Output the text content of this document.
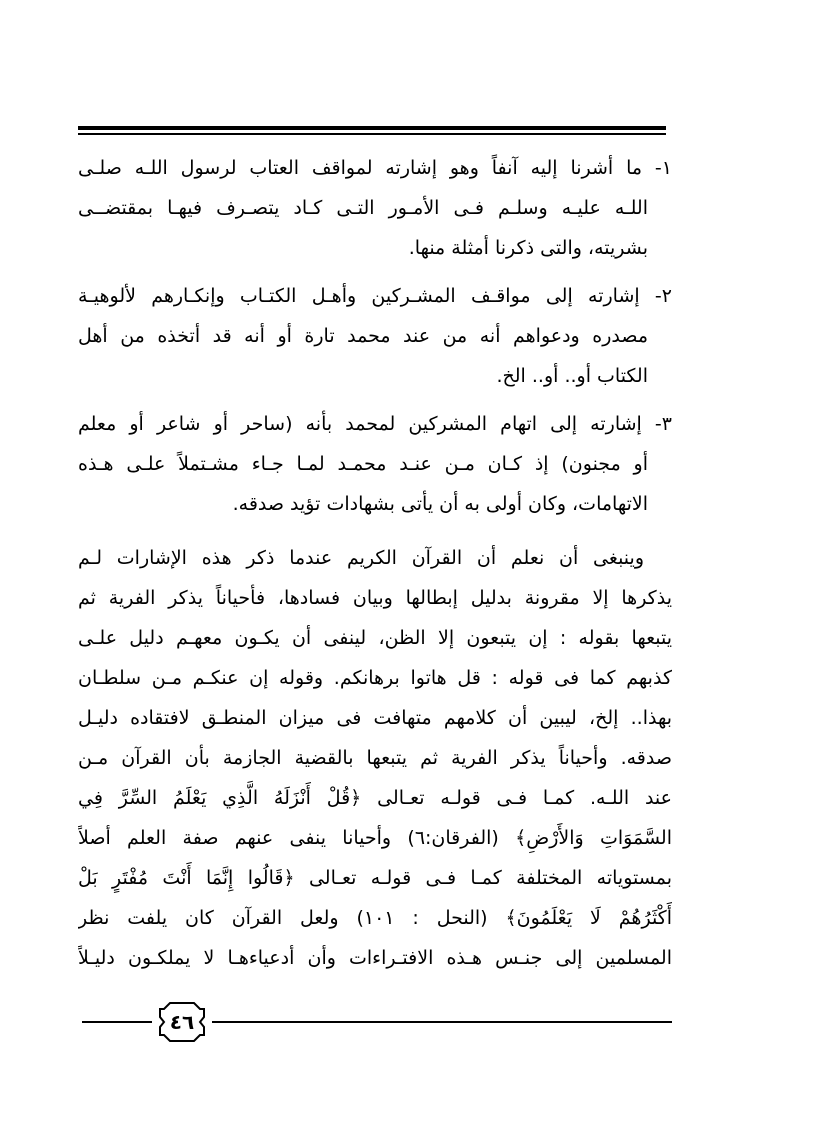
١- ما أشرنا إليه آنفاً وهو إشارته لمواقف العتاب لرسول اللـه صلـى
اللـه عليـه وسلـم فـى الأمـور التـى كـاد يتصـرف فيهـا بمقتضــى
بشريته، والتى ذكرنا أمثلة منها.
٢- إشارته إلى مواقـف المشـركين وأهـل الكتـاب وإنكـارهم لألوهيـة
مصدره ودعواهم أنه من عند محمد تارة أو أنه قد أتخذه من أهل
الكتاب أو.. أو.. الخ.
٣- إشارته إلى اتهام المشركين لمحمد بأنه (ساحر أو شاعر أو معلم
أو مجنون) إذ كـان مـن عنـد محمـد لمـا جـاء مشـتملاً علـى هـذه
الاتهامات، وكان أولى به أن يأتى بشهادات تؤيد صدقه.
وينبغى أن نعلم أن القرآن الكريم عندما ذكر هذه الإشارات لـم
يذكرها إلا مقرونة بدليل إبطالها وبيان فسادها، فأحياناً يذكر الفرية ثم
يتبعها بقوله : إن يتبعون إلا الظن، لينفى أن يكـون معهـم دليل علـى
كذبهم كما فى قوله : قل هاتوا برهانكم. وقوله إن عنكـم مـن سلطـان
بهذا.. إلخ، ليبين أن كلامهم متهافت فى ميزان المنطـق لافتقاده دليـل
صدقه. وأحياناً يذكر الفرية ثم يتبعها بالقضية الجازمة بأن القرآن مـن
عند اللـه. كمـا فـى قولـه تعـالى ﴿قُلْ أَنْزَلَهُ الَّذِي يَعْلَمُ السِّرَّ فِي
السَّمَوَاتِ وَالأَرْضِ﴾ (الفرقان:٦) وأحيانا ينفى عنهم صفة العلم أصلاً
بمستوياته المختلفة كمـا فـى قولـه تعـالى ﴿قَالُوا إِنَّمَا أَنْتَ مُفْتَرٍ بَلْ
أَكْثَرُهُمْ لَا يَعْلَمُونَ﴾ (النحل : ١٠١) ولعل القرآن كان يلفت نظر
المسلمين إلى جنـس هـذه الافتـراءات وأن أدعياءهـا لا يملكـون دليـلاً
٤٦
